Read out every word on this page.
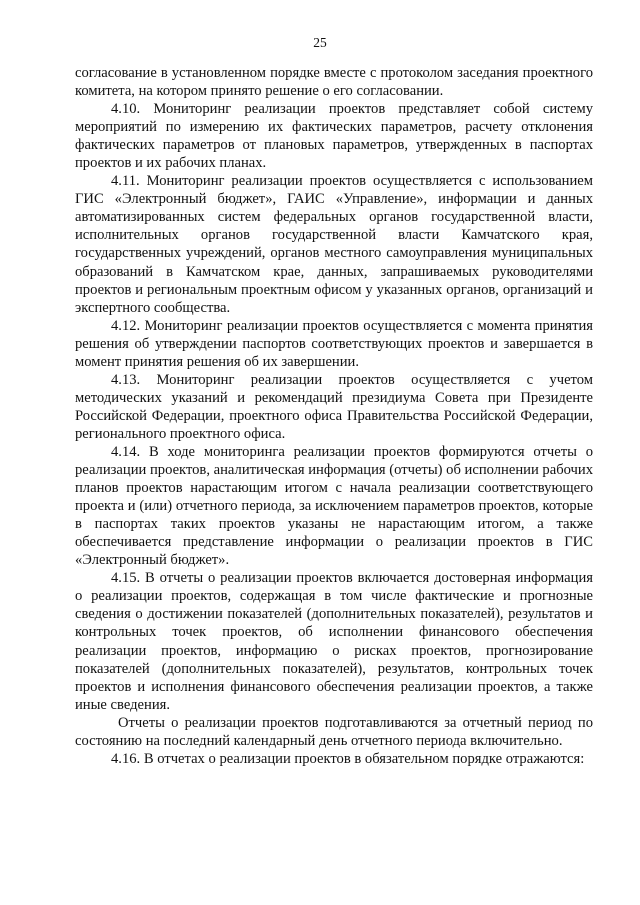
25

согласование в установленном порядке вместе с протоколом заседания проектного комитета, на котором принято решение о его согласовании.

4.10. Мониторинг реализации проектов представляет собой систему мероприятий по измерению их фактических параметров, расчету отклонения фактических параметров от плановых параметров, утвержденных в паспортах проектов и их рабочих планах.

4.11. Мониторинг реализации проектов осуществляется с использованием ГИС «Электронный бюджет», ГАИС «Управление», информации и данных автоматизированных систем федеральных органов государственной власти, исполнительных органов государственной власти Камчатского края, государственных учреждений, органов местного самоуправления муниципальных образований в Камчатском крае, данных, запрашиваемых руководителями проектов и региональным проектным офисом у указанных органов, организаций и экспертного сообщества.

4.12. Мониторинг реализации проектов осуществляется с момента принятия решения об утверждении паспортов соответствующих проектов и завершается в момент принятия решения об их завершении.

4.13. Мониторинг реализации проектов осуществляется с учетом методических указаний и рекомендаций президиума Совета при Президенте Российской Федерации, проектного офиса Правительства Российской Федерации, регионального проектного офиса.

4.14. В ходе мониторинга реализации проектов формируются отчеты о реализации проектов, аналитическая информация (отчеты) об исполнении рабочих планов проектов нарастающим итогом с начала реализации соответствующего проекта и (или) отчетного периода, за исключением параметров проектов, которые в паспортах таких проектов указаны не нарастающим итогом, а также обеспечивается представление информации о реализации проектов в ГИС «Электронный бюджет».

4.15. В отчеты о реализации проектов включается достоверная информация о реализации проектов, содержащая в том числе фактические и прогнозные сведения о достижении показателей (дополнительных показателей), результатов и контрольных точек проектов, об исполнении финансового обеспечения реализации проектов, информацию о рисках проектов, прогнозирование показателей (дополнительных показателей), результатов, контрольных точек проектов и исполнения финансового обеспечения реализации проектов, а также иные сведения.

Отчеты о реализации проектов подготавливаются за отчетный период по состоянию на последний календарный день отчетного периода включительно.

4.16. В отчетах о реализации проектов в обязательном порядке отражаются:
